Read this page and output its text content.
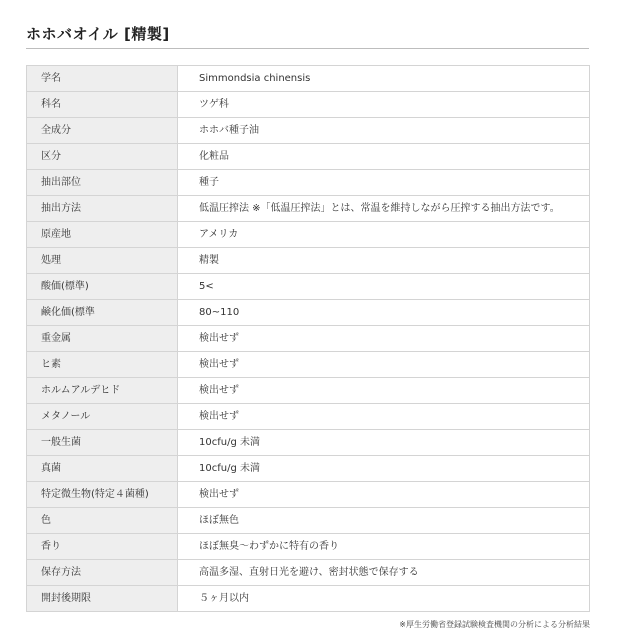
ホホバオイル [精製]
学名	Simmondsia chinensis
科名	ツゲ科
全成分	ホホバ種子油
区分	化粧品
抽出部位	種子
抽出方法	低温圧搾法 ※「低温圧搾法」とは、常温を維持しながら圧搾する抽出方法です。
原産地	アメリカ
処理	精製
酸価(標準)	5<
鹸化価(標準	80~110
重金属	検出せず
ヒ素	検出せず
ホルムアルデヒド	検出せず
メタノール	検出せず
一般生菌	10cfu/g 未満
真菌	10cfu/g 未満
特定微生物(特定４菌種)	検出せず
色	ほぼ無色
香り	ほぼ無臭～わずかに特有の香り
保存方法	高温多湿、直射日光を避け、密封状態で保存する
開封後期限	５ヶ月以内
※厚生労働省登録試験検査機関の分析による分析結果
